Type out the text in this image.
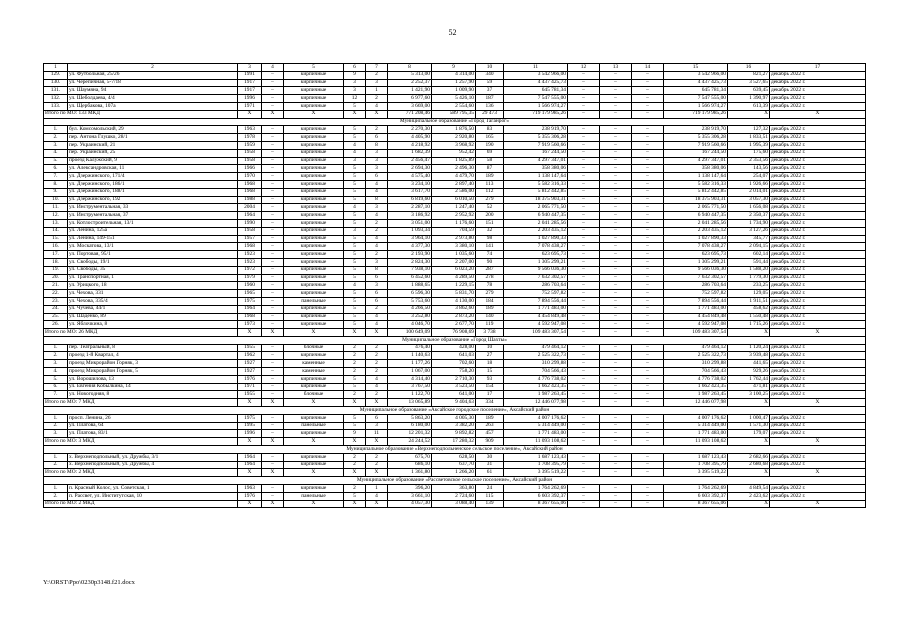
52
1	2	3	4	5	6	7	8	9	10	11	12	13	14	15	16	17
129.	ул. Футбольная, 25/26	1991	–	кирпичные	9	2	5 313,00	4 314,00	340	3 542 966,00	–	–	–	3 542 966,00	821,27	декабрь 2022 г.
130.	ул. Черепичная, 5-7/18	1917	–	кирпичные	3	3	2 252,37	1 257,90	59	4 437 425,73	–	–	–	4 437 425,73	3 527,65	декабрь 2022 г.
131.	ул. Шаумяна, 94	1917	–	кирпичные	3	1	1 421,90	1 009,90	37	645 781,34	–	–	–	645 781,34	639,45	декабрь 2022 г.
132.	ул. Шеболдаева, 4/4	1996	–	кирпичные	12	2	6 977,60	5 426,10	187	7 547 555,00	–	–	–	7 547 555,00	1 390,97	декабрь 2022 г.
133.	ул. Щербакова, 107а	1971	–	кирпичные	5	4	3 669,00	2 554,60	136	1 566 974,27	–	–	–	1 566 974,27	613,39	декабрь 2022 г.
Итого по МО: 133 МКД		X	X	X	X	X	771 208,46	589 795,35	29 473	719 179 985,26	–	–	–	719 179 985,26	X	X
Муниципальное образование «Город Таганрог»																
1.	бул. Комсомольский, 29	1963	–	кирпичные	5	2	2 270,30	1 876,50	83	238 919,70	–	–	–	238 919,70	127,32	декабрь 2022 г.
2.	пер. Антона Глушко, 28/1	1978	–	кирпичные	5	6	4 405,90	2 920,80	165	5 355 306,28	–	–	–	5 355 306,28	1 833,51	декабрь 2022 г.
3.	пер. Украинский, 21	1959	–	кирпичные	4	8	4 218,92	3 968,92	190	7 919 560,66	–	–	–	7 919 560,66	1 995,39	декабрь 2022 г.
4.	пер. Украинский, 25	1958	–	кирпичные	4	3	1 682,39	952,42	69	167 244,50	–	–	–	167 244,50	175,60	декабрь 2022 г.
5.	проезд Калужский, 9	1958	–	кирпичные	3	3	2 456,47	1 825,89	58	4 297 347,01	–	–	–	4 297 347,01	2 353,56	декабрь 2022 г.
6.	ул. Александровская, 11	1966	–	кирпичные	5	3	2 694,30	2 496,30	87	358 380,06	–	–	–	358 380,06	143,56	декабрь 2022 г.
7.	ул. Дзержинского, 171/4	1970	–	кирпичные	5	6	4 575,40	4 479,70	189	1 138 147,64	–	–	–	1 138 147,64	254,07	декабрь 2022 г.
8.	ул. Дзержинского, 186/1	1968	–	кирпичные	5	4	3 234,10	2 897,40	113	5 582 316,33	–	–	–	5 582 316,33	1 926,66	декабрь 2022 г.
9.	ул. Дзержинского, 188/1	1968	–	кирпичные	5	4	3 617,70	2 586,00	112	5 812 442,85	–	–	–	5 812 442,85	2 014,01	декабрь 2022 г.
10.	ул. Дзержинского, 192	1988	–	кирпичные	5	8	6 819,60	6 010,50	279	18 375 903,31	–	–	–	18 375 903,31	3 057,30	декабрь 2022 г.
11.	ул. Инструментальная, 33	2004	–	кирпичные	4	3	2 287,10	1 247,40	52	2 065 771,50	–	–	–	2 065 771,50	1 656,08	декабрь 2022 г.
12.	ул. Инструментальная, 37	1964	–	кирпичные	5	4	3 186,92	2 952,92	200	6 940 447,35	–	–	–	6 940 447,35	2 350,37	декабрь 2022 г.
13.	ул. Котлостроительная, 13/1	1990	–	кирпичные	5	2	3 051,00	1 176,60	151	2 041 285,56	–	–	–	2 041 285,56	1 734,90	декабрь 2022 г.
14.	ул. Ленина, 125а	1958	–	кирпичные	3	2	1 093,34	704,59	32	2 203 435,12	–	–	–	2 203 435,12	3 127,26	декабрь 2022 г.
15.	ул. Ленина, 149-151	1957	–	кирпичные	5	4	3 964,10	2 973,80	98	1 027 890,33	–	–	–	1 027 890,33	345,77	декабрь 2022 г.
16.	ул. Москатова, 13/1	1968	–	кирпичные	5	4	4 377,30	3 380,10	141	7 078 438,27	–	–	–	7 078 438,27	2 094,15	декабрь 2022 г.
17.	ул. Портовая, 95/1	1923	–	кирпичные	5	2	2 193,90	1 035,60	74	623 695,73	–	–	–	623 695,73	602,14	декабрь 2022 г.
18.	ул. Свободы, 19/1	1923	–	кирпичные	5	3	2 824,30	2 207,00	90	1 305 299,21	–	–	–	1 305 299,21	591,44	декабрь 2022 г.
19.	ул. Свободы, 35	1972	–	кирпичные	5	8	7 938,10	6 023,20	287	9 566 036,30	–	–	–	9 566 036,30	1 588,20	декабрь 2022 г.
20.	ул. Транспортная, 1	1979	–	кирпичные	5	6	6 452,60	4 289,50	278	7 632 302,57	–	–	–	7 632 302,57	1 779,30	декабрь 2022 г.
21.	ул. Урицкого, 18	1960	–	кирпичные	4	3	1 888,65	1 229,15	78	286 703,64	–	–	–	286 703,64	233,25	декабрь 2022 г.
22.	ул. Чехова, 331	1965	–	кирпичные	5	6	6 596,30	5 831,70	279	752 597,82	–	–	–	752 597,82	129,05	декабрь 2022 г.
23.	ул. Чехова, 335/4	1975	–	панельные	5	6	5 753,60	4 130,00	184	7 894 556,44	–	–	–	7 894 556,44	1 911,51	декабрь 2022 г.
24.	ул. Чучева, 44/1	1964	–	кирпичные	5	2	4 266,50	3 862,60	189	1 771 483,00	–	–	–	1 771 483,00	458,62	декабрь 2022 г.
25.	ул. Шаденко, 89	1968	–	кирпичные	5	4	3 252,80	2 873,20	140	4 454 849,48	–	–	–	4 454 849,48	1 550,48	декабрь 2022 г.
26.	ул. Яблочкина, 8	1973	–	кирпичные	5	4	4 046,70	2 677,70	119	4 592 947,08	–	–	–	4 592 947,08	1 715,26	декабрь 2022 г.
Итого по МО: 26 МКД		X	X	X	X	X	100 649,09	76 908,69	3 738	109 483 307,54	–	–	–	109 483 307,54	X	X
Муниципальное образование «Город Шахты»																
1.	пер. Театральный, 8	1955	–	блочные	2	2	476,40	428,00	10	479 464,12	–	–	–	479 464,12	1 120,24	декабрь 2022 г.
2.	проезд 1-й Квартал, 4	1962	–	кирпичные	2	2	1 140,63	641,03	27	2 525 322,73	–	–	–	2 525 322,73	3 939,48	декабрь 2022 г.
3.	проезд Микрорайон Горняк, 3	1927	–	каменные	2	2	1 177,26	702,60	18	310 299,88	–	–	–	310 299,88	441,65	декабрь 2022 г.
4.	проезд Микрорайон Горняк, 5	1927	–	каменные	2	2	1 067,00	758,20	15	704 566,43	–	–	–	704 566,43	929,26	декабрь 2022 г.
5.	ул. Ворошилова, 13	1976	–	кирпичные	5	4	4 314,40	2 710,30	93	4 776 738,02	–	–	–	4 776 738,02	1 762,44	декабрь 2022 г.
6.	ул. Евгения Кобылкина, 14	1971	–	кирпичные	5	4	3 767,50	3 523,50	154	1 662 423,35	–	–	–	1 662 423,35	471,81	декабрь 2022 г.
7.	ул. Новогодняя, 8	1955	–	блочные	2	2	1 122,70	641,00	17	1 987 263,45	–	–	–	1 987 263,45	3 100,25	декабрь 2022 г.
Итого по МО: 7 МКД		X	X	X	X	X	13 065,89	9 404,63	334	12 446 077,98	–	–	–	12 446 077,98	X	X
Муниципальное образование «Аксайское городское поселение», Аксайский район																
1.	просп. Ленина, 26	1975	–	кирпичные	5	6	5 863,20	4 005,30	189	4 007 176,62	–	–	–	4 007 176,62	1 000,47	декабрь 2022 г.
2.	ул. Платова, 64	1995	–	панельные	5	3	6 180,00	3 382,20	263	5 314 449,00	–	–	–	5 314 449,00	1 571,30	декабрь 2022 г.
3.	ул. Платова, 83/1	1996	–	кирпичные	9	11	12 201,32	9 892,82	457	1 771 483,00	–	–	–	1 771 483,00	179,07	декабрь 2022 г.
Итого по МО: 3 МКД		X	X	X	X	X	24 244,52	17 280,32	909	11 093 108,62	–	–	–	11 093 108,62	X	X
Муниципальное образование «Верхнеподпольненское сельское поселение», Аксайский район																
1.	х. Верхнеподпольный, ул. Дружбы, 3/1	1964	–	кирпичные	2	2	675,70	628,50	30	1 687 123,43	–	–	–	1 687 123,43	2 682,66	декабрь 2022 г.
2.	х. Верхнеподпольный, ул. Дружбы, 4	1964	–	кирпичные	2	2	686,10	637,70	31	1 708 395,79	–	–	–	1 708 395,79	2 680,68	декабрь 2022 г.
Итого по МО: 2 МКД		X	X	X	X	X	1 361,80	1 266,20	61	3 395 519,22	–	–	–	3 395 519,22	X	X
Муниципальное образование «Рассветовское сельское поселение», Аксайский район																
1.	п. Красный Колос, ул. Советская, 1	1963	–	кирпичные	2	1	396,20	363,80	24	1 764 262,69	–	–	–	1 764 262,69	4 849,54	декабрь 2022 г.
2.	п. Рассвет, ул. Институтская, 10	1976	–	панельные	5	4	3 661,10	2 724,60	115	6 603 392,37	–	–	–	6 603 392,37	2 423,62	декабрь 2022 г.
Итого по МО: 2 МКД		X	X	X	X	X	4 057,30	3 088,40	139	8 367 655,06	–	–	–	8 367 655,06	X	X
Y:\ORST\Ppo\0230p3148.f21.docx
